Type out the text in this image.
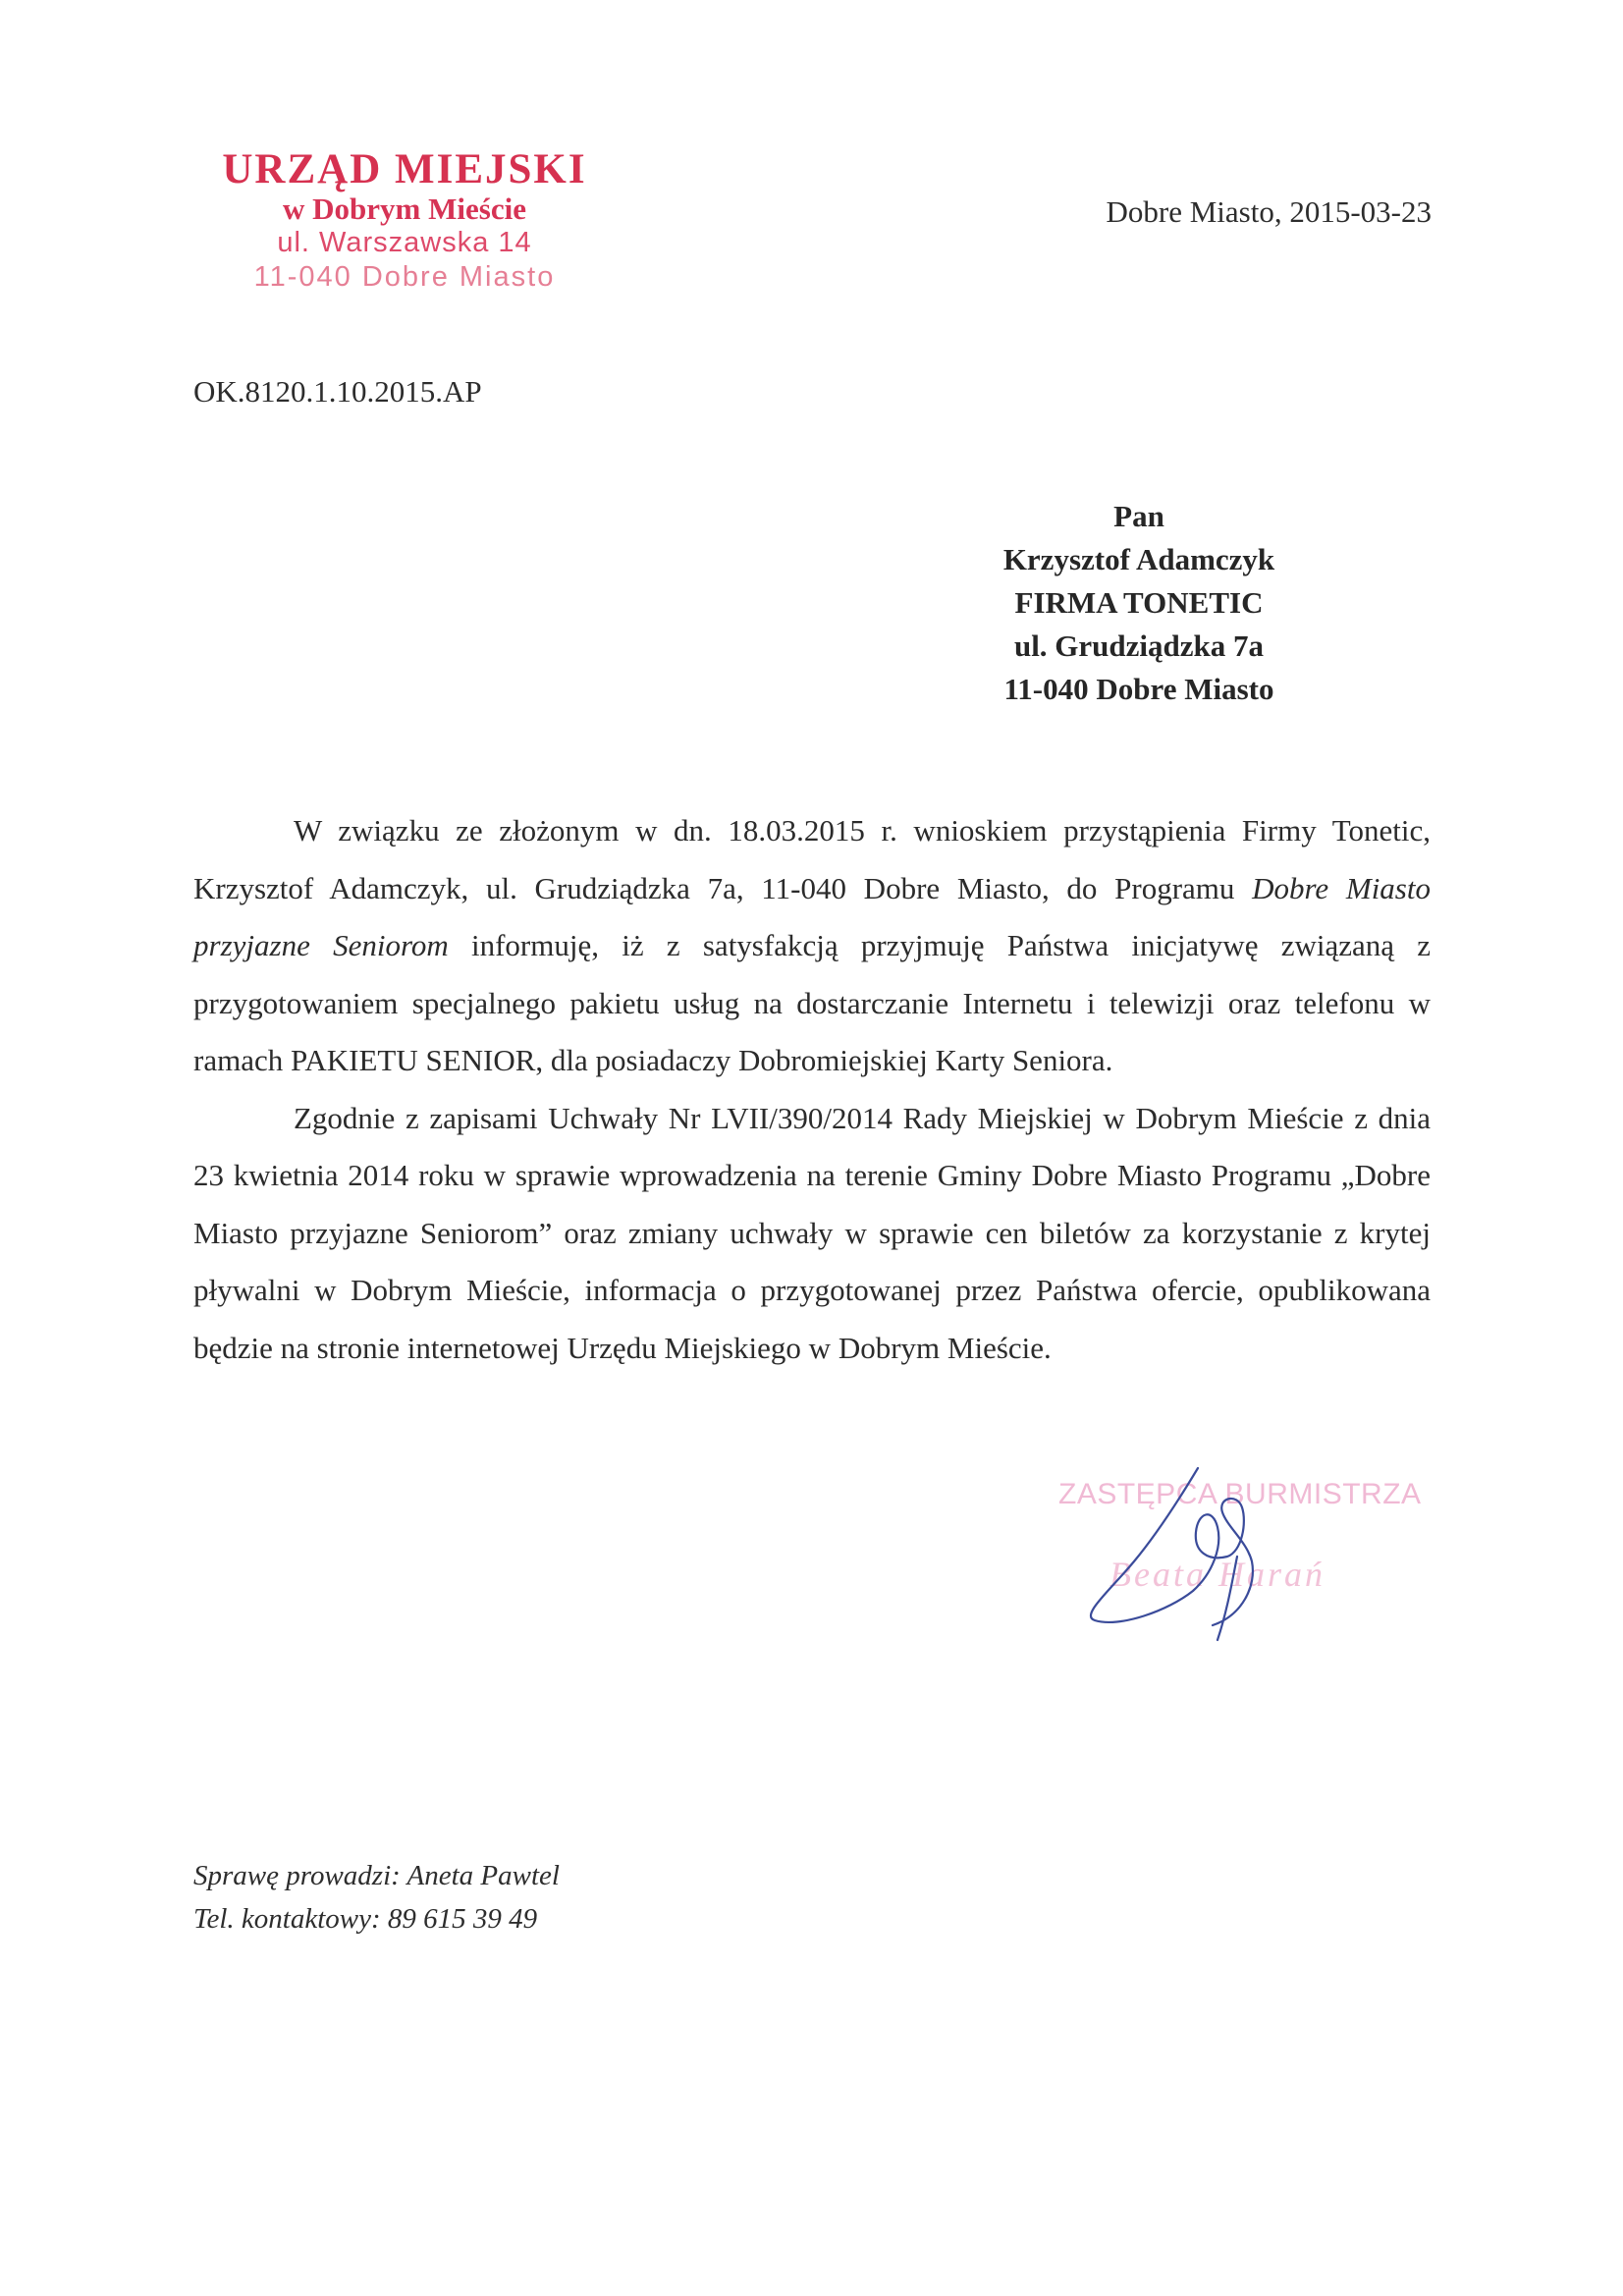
URZĄD MIEJSKI
w Dobrym Mieście
ul. Warszawska 14
11-040 Dobre Miasto
Dobre Miasto, 2015-03-23
OK.8120.1.10.2015.AP
Pan
Krzysztof Adamczyk
FIRMA TONETIC
ul. Grudziądzka 7a
11-040 Dobre Miasto

W związku ze złożonym w dn. 18.03.2015 r. wnioskiem przystąpienia Firmy Tonetic, Krzysztof Adamczyk, ul. Grudziądzka 7a, 11-040 Dobre Miasto, do Programu Dobre Miasto przyjazne Seniorom informuję, iż z satysfakcją przyjmuję Państwa inicjatywę związaną z przygotowaniem specjalnego pakietu usług na dostarczanie Internetu i telewizji oraz telefonu w ramach PAKIETU SENIOR, dla posiadaczy Dobromiejskiej Karty Seniora.

Zgodnie z zapisami Uchwały Nr LVII/390/2014 Rady Miejskiej w Dobrym Mieście z dnia 23 kwietnia 2014 roku w sprawie wprowadzenia na terenie Gminy Dobre Miasto Programu „Dobre Miasto przyjazne Seniorom” oraz zmiany uchwały w sprawie cen biletów za korzystanie z krytej pływalni w Dobrym Mieście, informacja o przygotowanej przez Państwa ofercie, opublikowana będzie na stronie internetowej Urzędu Miejskiego w Dobrym Mieście.

ZASTĘPCA BURMISTRZA
Beata Harań
Sprawę prowadzi: Aneta Pawtel
Tel. kontaktowy: 89 615 39 49
